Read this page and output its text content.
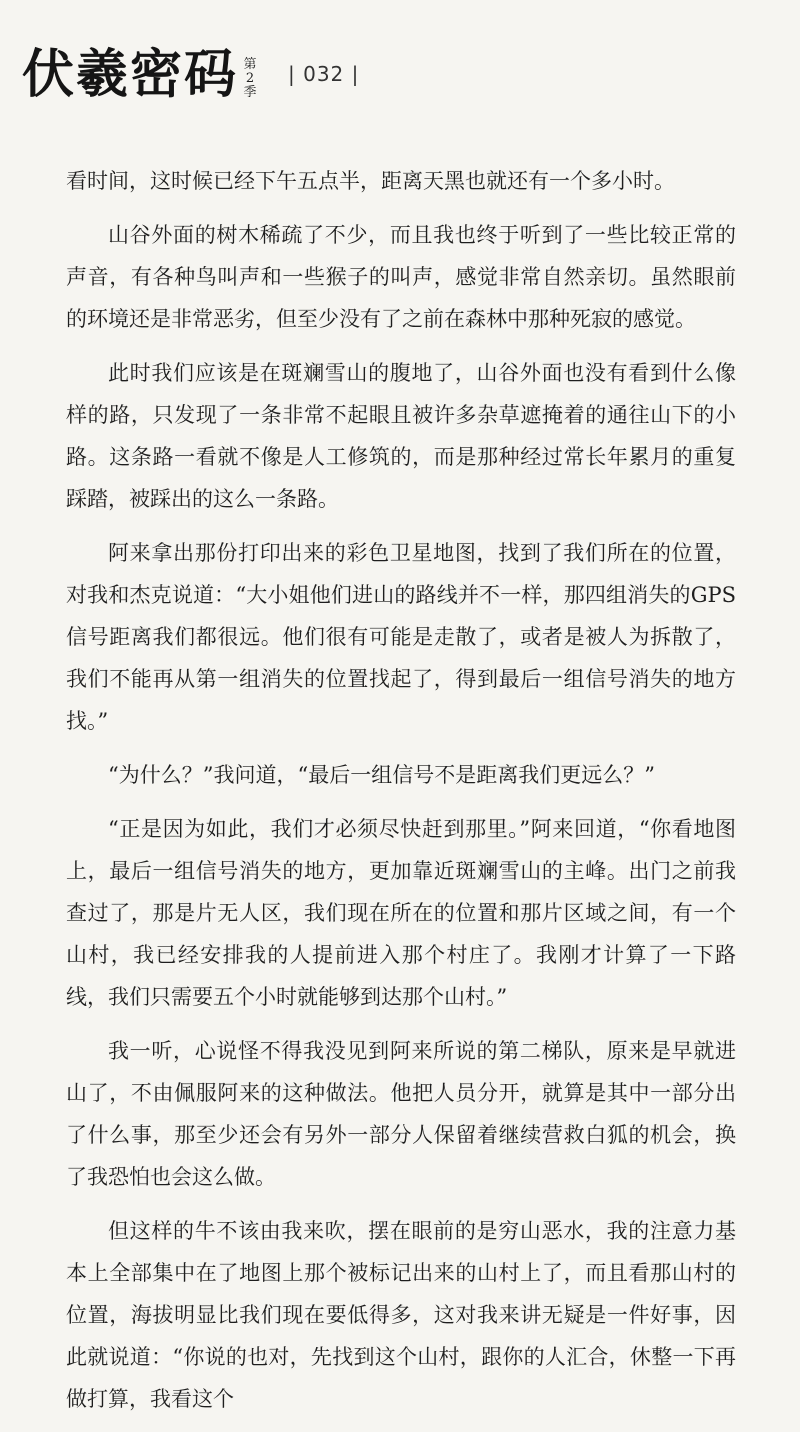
伏羲密码 第2季
| 032 |

看时间，这时候已经下午五点半，距离天黑也就还有一个多小时。

山谷外面的树木稀疏了不少，而且我也终于听到了一些比较正常的声音，有各种鸟叫声和一些猴子的叫声，感觉非常自然亲切。虽然眼前的环境还是非常恶劣，但至少没有了之前在森林中那种死寂的感觉。

此时我们应该是在斑斓雪山的腹地了，山谷外面也没有看到什么像样的路，只发现了一条非常不起眼且被许多杂草遮掩着的通往山下的小路。这条路一看就不像是人工修筑的，而是那种经过常长年累月的重复踩踏，被踩出的这么一条路。

阿来拿出那份打印出来的彩色卫星地图，找到了我们所在的位置，对我和杰克说道：“大小姐他们进山的路线并不一样，那四组消失的GPS信号距离我们都很远。他们很有可能是走散了，或者是被人为拆散了，我们不能再从第一组消失的位置找起了，得到最后一组信号消失的地方找。”

“为什么？”我问道，“最后一组信号不是距离我们更远么？”

“正是因为如此，我们才必须尽快赶到那里。”阿来回道，“你看地图上，最后一组信号消失的地方，更加靠近斑斓雪山的主峰。出门之前我查过了，那是片无人区，我们现在所在的位置和那片区域之间，有一个山村，我已经安排我的人提前进入那个村庄了。我刚才计算了一下路线，我们只需要五个小时就能够到达那个山村。”

我一听，心说怪不得我没见到阿来所说的第二梯队，原来是早就进山了，不由佩服阿来的这种做法。他把人员分开，就算是其中一部分出了什么事，那至少还会有另外一部分人保留着继续营救白狐的机会，换了我恐怕也会这么做。

但这样的牛不该由我来吹，摆在眼前的是穷山恶水，我的注意力基本上全部集中在了地图上那个被标记出来的山村上了，而且看那山村的位置，海拔明显比我们现在要低得多，这对我来讲无疑是一件好事，因此就说道：“你说的也对，先找到这个山村，跟你的人汇合，休整一下再做打算，我看这个
